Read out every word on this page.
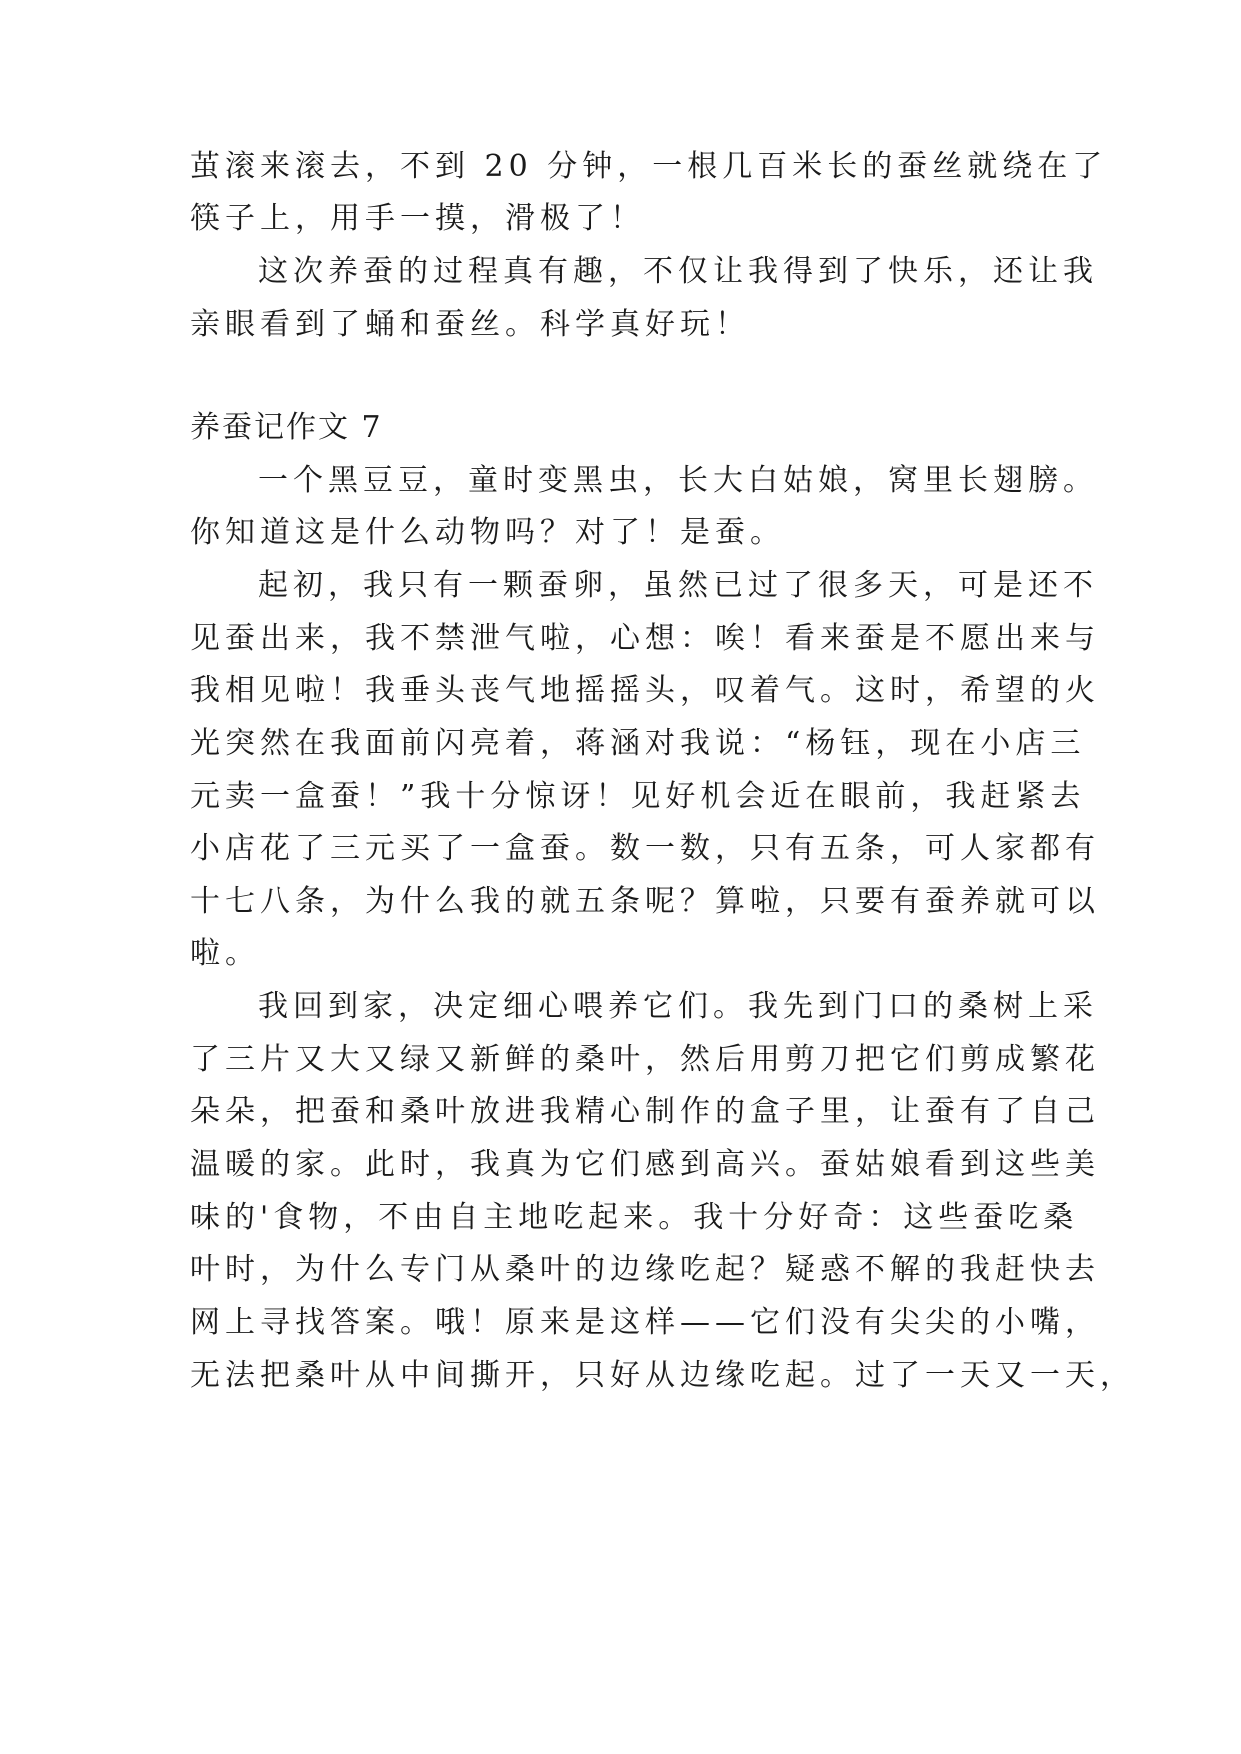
茧滚来滚去，不到 20 分钟，一根几百米长的蚕丝就绕在了
筷子上，用手一摸，滑极了！
这次养蚕的过程真有趣，不仅让我得到了快乐，还让我
亲眼看到了蛹和蚕丝。科学真好玩！
养蚕记作文 7
一个黑豆豆，童时变黑虫，长大白姑娘，窝里长翅膀。
你知道这是什么动物吗？对了！是蚕。
起初，我只有一颗蚕卵，虽然已过了很多天，可是还不
见蚕出来，我不禁泄气啦，心想：唉！看来蚕是不愿出来与
我相见啦！我垂头丧气地摇摇头，叹着气。这时，希望的火
光突然在我面前闪亮着，蒋涵对我说：“杨钰，现在小店三
元卖一盒蚕！”我十分惊讶！见好机会近在眼前，我赶紧去
小店花了三元买了一盒蚕。数一数，只有五条，可人家都有
十七八条，为什么我的就五条呢？算啦，只要有蚕养就可以
啦。
我回到家，决定细心喂养它们。我先到门口的桑树上采
了三片又大又绿又新鲜的桑叶，然后用剪刀把它们剪成繁花
朵朵，把蚕和桑叶放进我精心制作的盒子里，让蚕有了自己
温暖的家。此时，我真为它们感到高兴。蚕姑娘看到这些美
味的'食物，不由自主地吃起来。我十分好奇：这些蚕吃桑
叶时，为什么专门从桑叶的边缘吃起？疑惑不解的我赶快去
网上寻找答案。哦！原来是这样——它们没有尖尖的小嘴，
无法把桑叶从中间撕开，只好从边缘吃起。过了一天又一天，
